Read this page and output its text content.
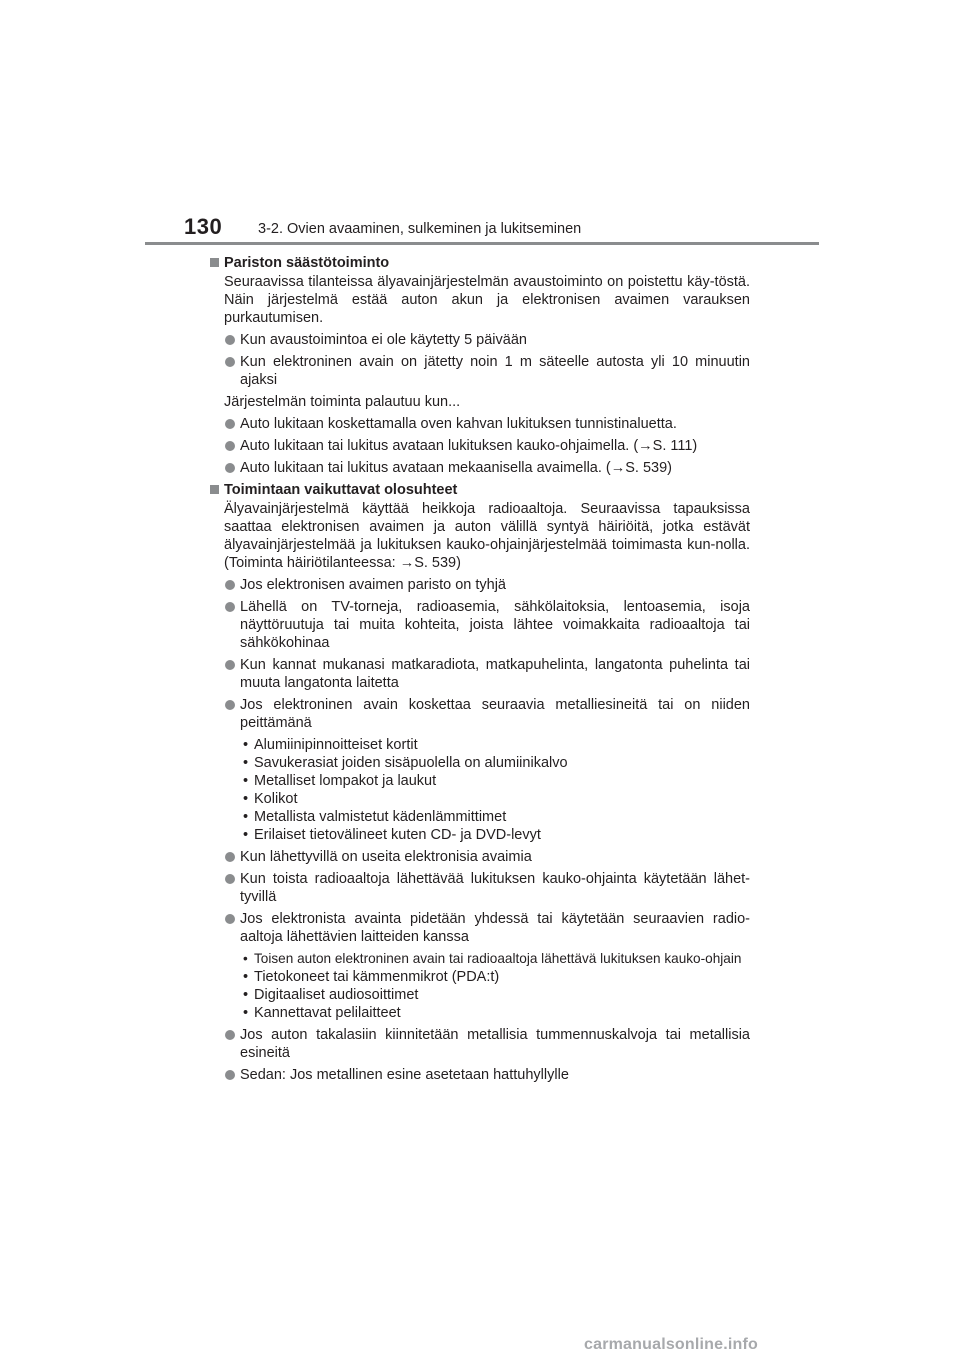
130 3-2. Ovien avaaminen, sulkeminen ja lukitseminen
Pariston säästötoiminto

Seuraavissa tilanteissa älyavainjärjestelmän avaustoiminto on poistettu käy-töstä. Näin järjestelmä estää auton akun ja elektronisen avaimen varauksen purkautumisen.

Kun avaustoimintoa ei ole käytetty 5 päivään
Kun elektroninen avain on jätetty noin 1 m säteelle autosta yli 10 minuutin ajaksi

Järjestelmän toiminta palautuu kun...

Auto lukitaan koskettamalla oven kahvan lukituksen tunnistinaluetta.
Auto lukitaan tai lukitus avataan lukituksen kauko-ohjaimella. (→S. 111)
Auto lukitaan tai lukitus avataan mekaanisella avaimella. (→S. 539)
Toimintaan vaikuttavat olosuhteet

Älyavainjärjestelmä käyttää heikkoja radioaaltoja. Seuraavissa tapauksissa saattaa elektronisen avaimen ja auton välillä syntyä häiriöitä, jotka estävät älyavainjärjestelmää ja lukituksen kauko-ohjainjärjestelmää toimimasta kun-nolla. (Toiminta häiriötilanteessa: →S. 539)

Jos elektronisen avaimen paristo on tyhjä
Lähellä on TV-torneja, radioasemia, sähkölaitoksia, lentoasemia, isoja näyttöruutuja tai muita kohteita, joista lähtee voimakkaita radioaaltoja tai sähkökohinaa
Kun kannat mukanasi matkaradiota, matkapuhelinta, langatonta puhelinta tai muuta langatonta laitetta
Jos elektroninen avain koskettaa seuraavia metalliesineitä tai on niiden peittämänä
• Alumiinipinnoitteiset kortit
• Savukerasiat joiden sisäpuolella on alumiinikalvo
• Metalliset lompakot ja laukut
• Kolikot
• Metallista valmistetut kädenlämmittimet
• Erilaiset tietovälineet kuten CD- ja DVD-levyt
Kun lähettyvillä on useita elektronisia avaimia
Kun toista radioaaltoja lähettävää lukituksen kauko-ohjainta käytetään lähet-tyvillä
Jos elektronista avainta pidetään yhdessä tai käytetään seuraavien radio-aaltoja lähettävien laitteiden kanssa
• Toisen auton elektroninen avain tai radioaaltoja lähettävä lukituksen kauko-ohjain
• Tietokoneet tai kämmenmikrot (PDA:t)
• Digitaaliset audiosoittimet
• Kannettavat pelilaitteet
Jos auton takalasiin kiinnitetään metallisia tummennuskalvoja tai metallisia esineitä
Sedan: Jos metallinen esine asetetaan hattuhyllylle
carmanualsonline.info
